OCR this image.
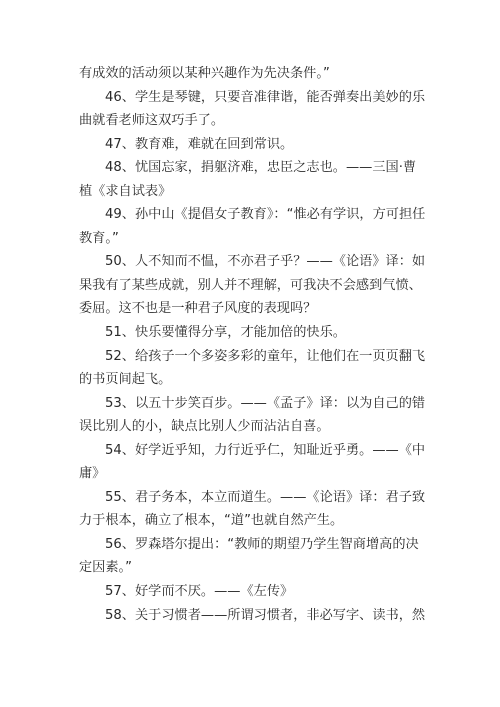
有成效的活动须以某种兴趣作为先决条件。”
46、学生是琴键，只要音准律谐，能否弹奏出美妙的乐
曲就看老师这双巧手了。
47、教育难，难就在回到常识。
48、忧国忘家，捐躯济难，忠臣之志也。——三国·曹
植《求自试表》
49、孙中山《提倡女子教育》：“惟必有学识，方可担任
教育。”
50、人不知而不愠，不亦君子乎？——《论语》译：如
果我有了某些成就，别人并不理解，可我决不会感到气愤、
委屈。这不也是一种君子风度的表现吗？
51、快乐要懂得分享，才能加倍的快乐。
52、给孩子一个多姿多彩的童年，让他们在一页页翻飞
的书页间起飞。
53、以五十步笑百步。——《孟子》译：以为自己的错
误比别人的小，缺点比别人少而沾沾自喜。
54、好学近乎知，力行近乎仁，知耻近乎勇。——《中
庸》
55、君子务本，本立而道生。——《论语》译：君子致
力于根本，确立了根本，“道”也就自然产生。
56、罗森塔尔提出：“教师的期望乃学生智商增高的决
定因素。”
57、好学而不厌。——《左传》
58、关于习惯者——所谓习惯者，非必写字、读书，然
